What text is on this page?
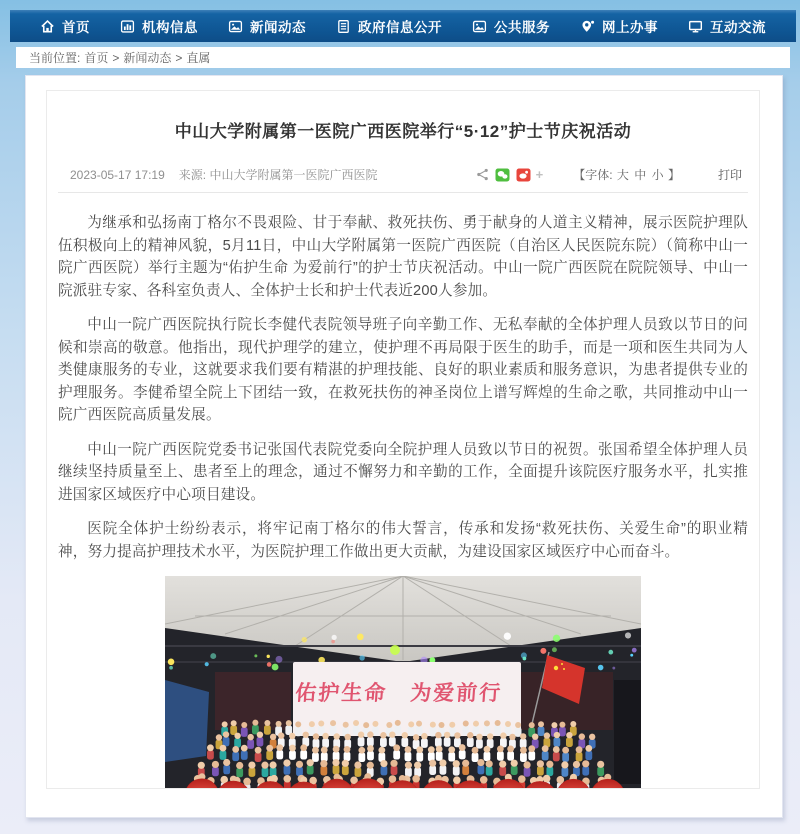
首页	机构信息	新闻动态	政府信息公开	公共服务	网上办事	互动交流
当前位置: 首页 > 新闻动态 > 直属
中山大学附属第一医院广西医院举行“5·12”护士节庆祝活动
2023-05-17 17:19 来源: 中山大学附属第一医院广西医院	+	【字体: 大 中 小 】	打印

为继承和弘扬南丁格尔不畏艰险、甘于奉献、救死扶伤、勇于献身的人道主义精神，展示医院护理队伍积极向上的精神风貌，5月11日，中山大学附属第一医院广西医院（自治区人民医院东院）（简称中山一院广西医院）举行主题为“佑护生命 为爱前行”的护士节庆祝活动。中山一院广西医院在院院领导、中山一院派驻专家、各科室负责人、全体护士长和护士代表近200人参加。

中山一院广西医院执行院长李健代表院领导班子向辛勤工作、无私奉献的全体护理人员致以节日的问候和崇高的敬意。他指出，现代护理学的建立，使护理不再局限于医生的助手，而是一项和医生共同为人类健康服务的专业，这就要求我们要有精湛的护理技能、良好的职业素质和服务意识，为患者提供专业的护理服务。李健希望全院上下团结一致，在救死扶伤的神圣岗位上谱写辉煌的生命之歌，共同推动中山一院广西医院高质量发展。

中山一院广西医院党委书记张国代表院党委向全院护理人员致以节日的祝贺。张国希望全体护理人员继续坚持质量至上、患者至上的理念，通过不懈努力和辛勤的工作，全面提升该院医疗服务水平，扎实推进国家区域医疗中心项目建设。

医院全体护士纷纷表示，将牢记南丁格尔的伟大誓言，传承和发扬“救死扶伤、关爱生命”的职业精神，努力提高护理技术水平，为医院护理工作做出更大贡献，为建设国家区域医疗中心而奋斗。

佑护生命　为爱前行
